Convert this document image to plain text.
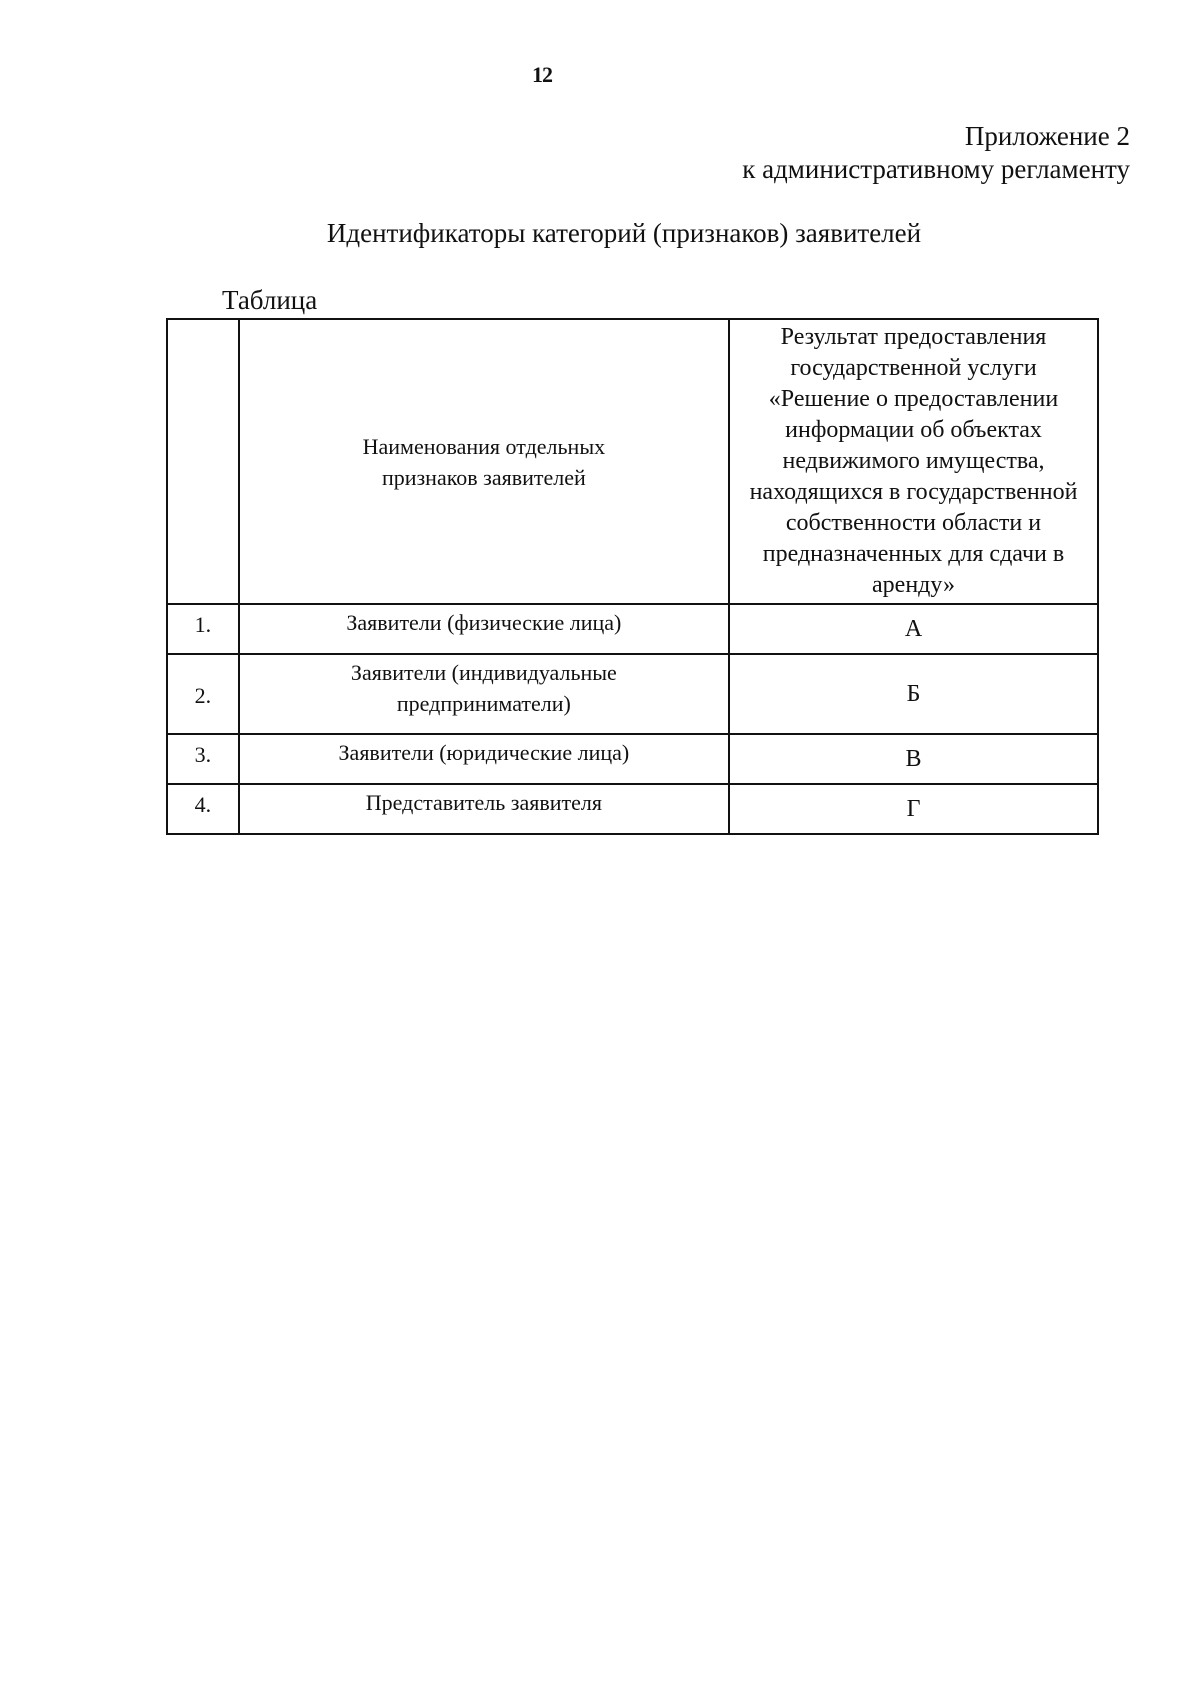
12
Приложение 2
к административному регламенту
Идентификаторы категорий (признаков) заявителей
Таблица
	Наименования отдельных признаков заявителей	Результат предоставления государственной услуги «Решение о предоставлении информации об объектах недвижимого имущества, находящихся в государственной собственности области и предназначенных для сдачи в аренду»
1.	Заявители (физические лица)	А
2.	Заявители (индивидуальные предприниматели)	Б
3.	Заявители (юридические лица)	В
4.	Представитель заявителя	Г
